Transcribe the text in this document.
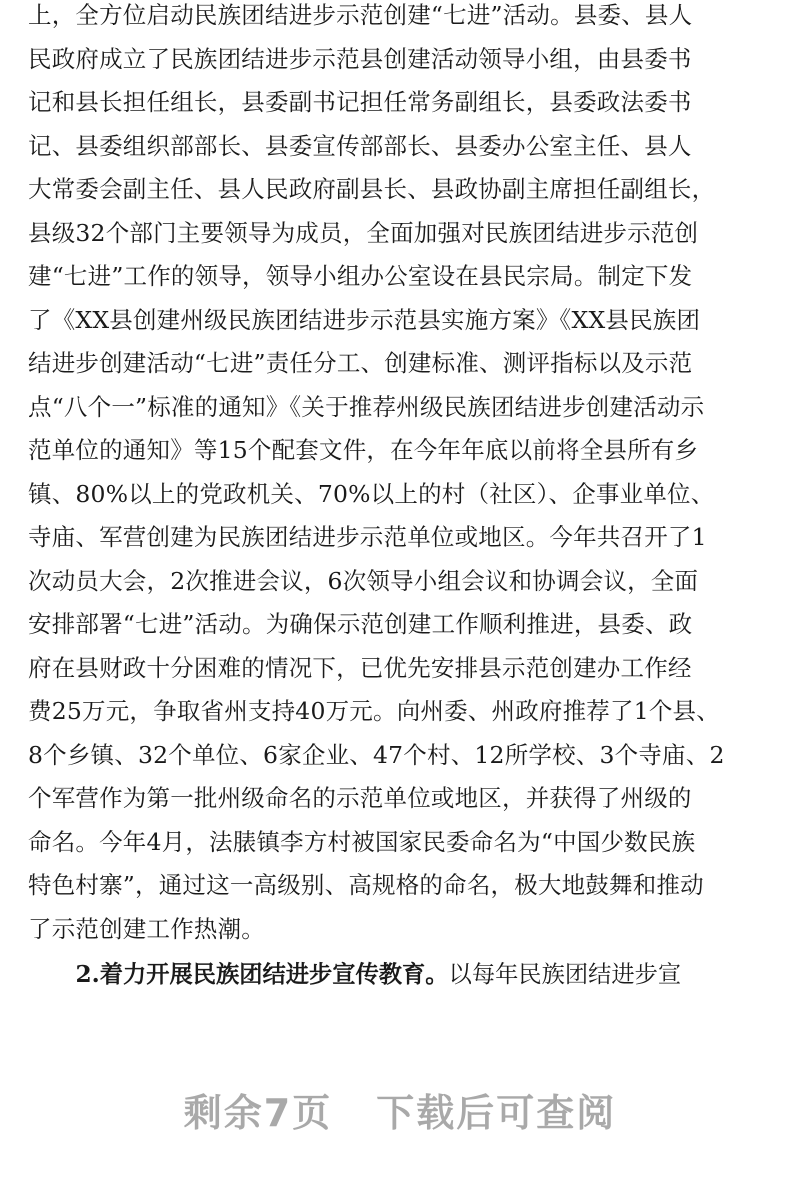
上，全方位启动民族团结进步示范创建“七进”活动。县委、县人
民政府成立了民族团结进步示范县创建活动领导小组，由县委书
记和县长担任组长，县委副书记担任常务副组长，县委政法委书
记、县委组织部部长、县委宣传部部长、县委办公室主任、县人
大常委会副主任、县人民政府副县长、县政协副主席担任副组长，
县级32个部门主要领导为成员，全面加强对民族团结进步示范创
建“七进”工作的领导，领导小组办公室设在县民宗局。制定下发
了《XX县创建州级民族团结进步示范县实施方案》《XX县民族团
结进步创建活动“七进”责任分工、创建标准、测评指标以及示范
点“八个一”标准的通知》《关于推荐州级民族团结进步创建活动示
范单位的通知》等15个配套文件，在今年年底以前将全县所有乡
镇、80%以上的党政机关、70%以上的村（社区）、企事业单位、
寺庙、军营创建为民族团结进步示范单位或地区。今年共召开了1
次动员大会，2次推进会议，6次领导小组会议和协调会议，全面
安排部署“七进”活动。为确保示范创建工作顺利推进，县委、政
府在县财政十分困难的情况下，已优先安排县示范创建办工作经
费25万元，争取省州支持40万元。向州委、州政府推荐了1个县、
8个乡镇、32个单位、6家企业、47个村、12所学校、3个寺庙、2
个军营作为第一批州级命名的示范单位或地区，并获得了州级的
命名。今年4月，法脿镇李方村被国家民委命名为“中国少数民族
特色村寨”，通过这一高级别、高规格的命名，极大地鼓舞和推动
了示范创建工作热潮。
2.着力开展民族团结进步宣传教育。以每年民族团结进步宣
剩余7页 下载后可查阅
